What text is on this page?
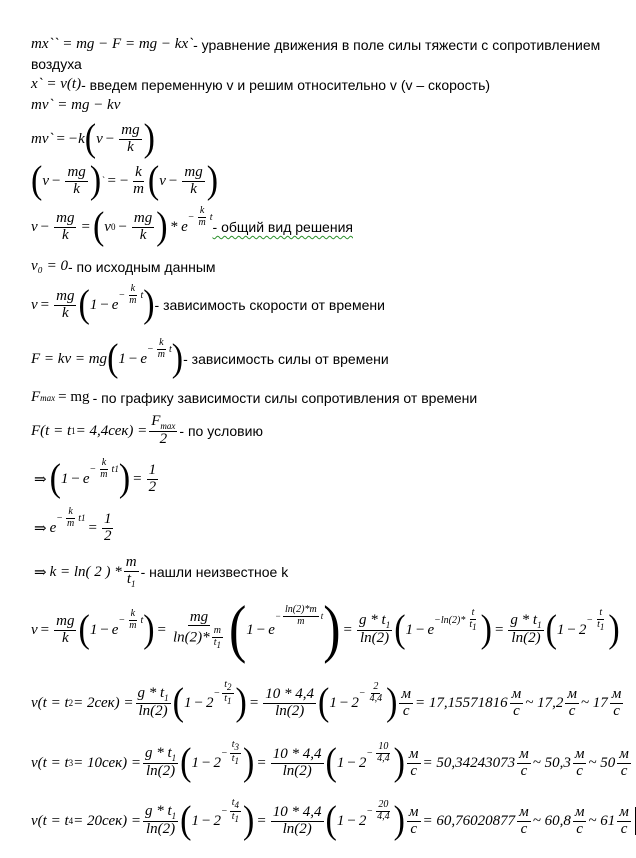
mx`` = mg − F = mg − kx` - уравнение движения в поле силы тяжести с сопротивлением
воздуха
x` = v(t) - введем переменную v и решим относительно v (v – скорость)
mv` = mg − kv
mv` = − k ( $v - \frac{mg}{k}$ )
( $v - \frac{mg}{k}$ ) ` = − $\frac{k}{m}$ ( $v - \frac{mg}{k}$ )
$v - \frac{mg}{k}$ = ( v $0 - \frac{mg}{k}$ ) * e
− $\frac{k}{m}$ t
- общий вид решения
v₀ = 0 - по исходным данным
$v = \frac{mg}{k}$ ( 1 − e
− $\frac{k}{m}$ t ) - зависимость скорости от времени
F = kv = mg ( 1 − e
− $\frac{k}{m}$ t ) - зависимость силы от времени
F max = mg - по графику зависимости силы сопротивления от времени
F(t = t $1 = 4,4сек) = \frac{F_{max}}{2}$ - по условию
⇒ ( 1 − e
− $\frac{k}{m}$ t 1 ) = $\frac{1}{2}$
⇒ e
− $\frac{k}{m}$ t 1
= $\frac{1}{2}$
⇒ k = ln( 2 ) * $\frac{m}{t_1}$ - нашли неизвестное k
$v = \frac{mg}{k}$ ( 1 − e
− $\frac{k}{m}$ t ) = $\frac{mg}{\ln(2)* \frac{m}{t1}}$ ( 1 − e
− $\frac{\ln(2)*m}{m}$ t ) = $\frac{g * t_1}{\ln(2)}$ ( 1 − e
$-\ln(2)* \frac{t}{t1}$ ) = $\frac{g * t_1}{\ln(2)}$ ( 1 − 2
− $\frac{t}{t1}$ )
v(t = t $2 = 2сек) = \frac{g * t_1}{\ln(2)}$ ( 1 − 2
− $\frac{t2}{t1}$ ) = $\frac{10 * 4,4}{\ln(2)}$ ( 1 − 2
− $\frac{2}{4,4}$ ) $\frac{м}{с} = 17,15571816 \frac{м}{с}$ ~ $17,2 \frac{м}{с}$ ~ $17 \frac{м}{с}$
v(t = t $3 = 10сек) = \frac{g * t_1}{\ln(2)}$ ( 1 − 2
− $\frac{t3}{t1}$ ) = $\frac{10 * 4,4}{\ln(2)}$ ( 1 − 2
− $\frac{10}{4,4}$ ) $\frac{м}{с} = 50,34243073 \frac{м}{с}$ ~ $50,3 \frac{м}{с}$ ~ $50 \frac{м}{с}$
v(t = t $4 = 20сек) = \frac{g * t_1}{\ln(2)}$ ( 1 − 2
− $\frac{t4}{t1}$ ) = $\frac{10 * 4,4}{\ln(2)}$ ( 1 − 2
− $\frac{20}{4,4}$ ) $\frac{м}{с} = 60,76020877 \frac{м}{с}$ ~ $60,8 \frac{м}{с}$ ~ $61 \frac{м}{с}$
